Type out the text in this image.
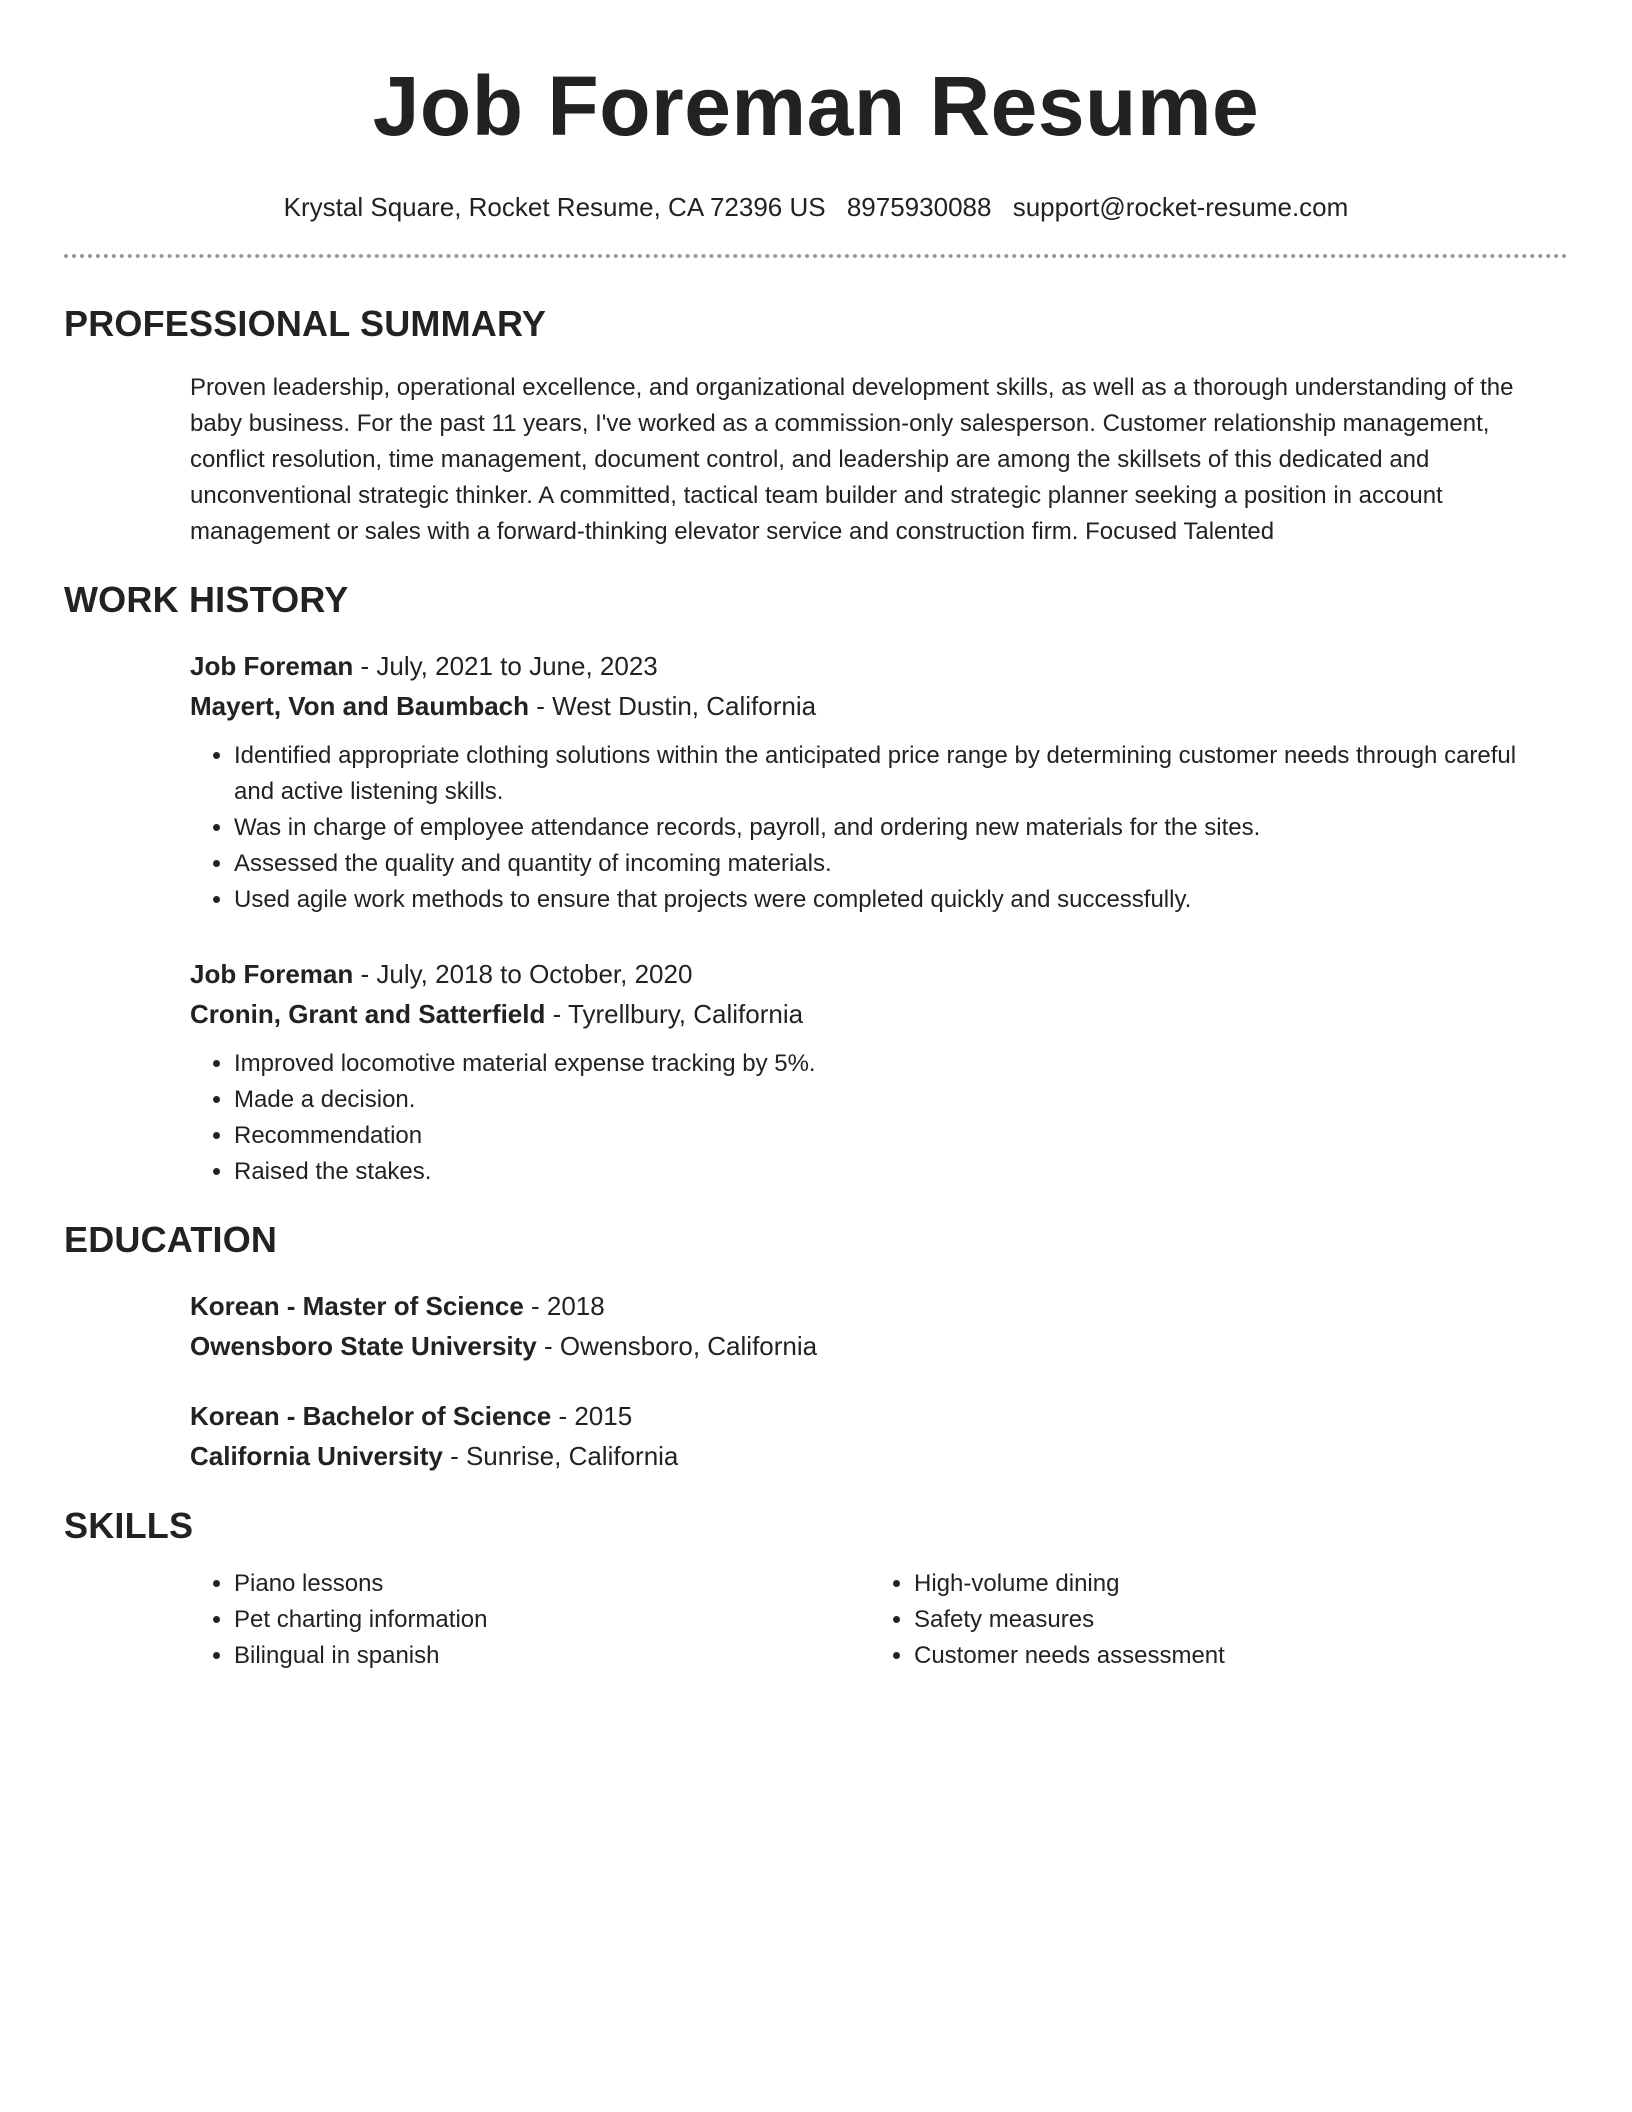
Job Foreman Resume
Krystal Square, Rocket Resume, CA 72396 US 8975930088 support@rocket-resume.com
PROFESSIONAL SUMMARY
Proven leadership, operational excellence, and organizational development skills, as well as a thorough understanding of the baby business. For the past 11 years, I've worked as a commission-only salesperson. Customer relationship management, conflict resolution, time management, document control, and leadership are among the skillsets of this dedicated and unconventional strategic thinker. A committed, tactical team builder and strategic planner seeking a position in account management or sales with a forward-thinking elevator service and construction firm. Focused Talented
WORK HISTORY
Job Foreman - July, 2021 to June, 2023
Mayert, Von and Baumbach - West Dustin, California
• Identified appropriate clothing solutions within the anticipated price range by determining customer needs through careful and active listening skills.
• Was in charge of employee attendance records, payroll, and ordering new materials for the sites.
• Assessed the quality and quantity of incoming materials.
• Used agile work methods to ensure that projects were completed quickly and successfully.
Job Foreman - July, 2018 to October, 2020
Cronin, Grant and Satterfield - Tyrellbury, California
• Improved locomotive material expense tracking by 5%.
• Made a decision.
• Recommendation
• Raised the stakes.
EDUCATION
Korean - Master of Science - 2018
Owensboro State University - Owensboro, California
Korean - Bachelor of Science - 2015
California University - Sunrise, California
SKILLS
• Piano lessons
• Pet charting information
• Bilingual in spanish
• High-volume dining
• Safety measures
• Customer needs assessment
